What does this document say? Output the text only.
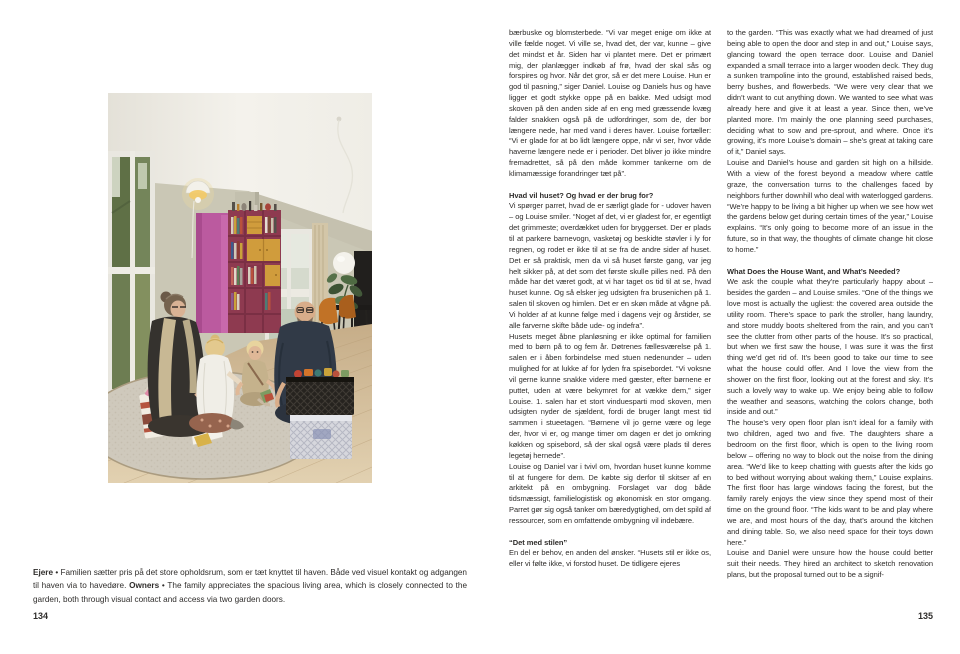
Ejere • Familien sætter pris på det store opholdsrum, som er tæt knyttet til haven. Både ved visuel kontakt og adgangen til haven via to havedøre. Owners • The family appreciates the spacious living area, which is closely connected to the garden, both through visual contact and access via two garden doors.

134

bærbuske og blomsterbede. “Vi var meget enige om ikke at ville fælde noget. Vi ville se, hvad det, der var, kunne – give det mindst et år. Siden har vi plantet mere. Det er primært mig, der planlægger indkøb af frø, hvad der skal sås og forspires og hvor. Når det gror, så er det mere Louise. Hun er god til pasning,” siger Daniel. Louise og Daniels hus og have ligger et godt stykke oppe på en bakke. Med udsigt mod skoven på den anden side af en eng med græssende kvæg falder snakken også på de udfordringer, som de, der bor længere nede, har med vand i deres haver. Louise fortæller: “Vi er glade for at bo lidt længere oppe, når vi ser, hvor våde haverne længere nede er i perioder. Det bliver jo ikke mindre fremadrettet, så på den måde kommer tankerne om de klimamæssige forandringer tæt på”.

Hvad vil huset? Og hvad er der brug for?

Vi spørger parret, hvad de er særligt glade for - udover haven – og Louise smiler. “Noget af det, vi er gladest for, er egentligt det grimmeste; overdækket uden for bryggerset. Der er plads til at parkere barnevogn, vasketøj og beskidte støvler i ly for regnen, og rodet er ikke til at se fra de andre sider af huset. Det er så praktisk, men da vi så huset første gang, var jeg helt sikker på, at det som det første skulle pilles ned. På den måde har det været godt, at vi har taget os tid til at se, hvad huset kunne. Og så elsker jeg udsigten fra brusenichen på 1. salen til skoven og himlen. Det er en skøn måde at vågne på. Vi holder af at kunne følge med i dagens vejr og årstider, se alle farverne skifte både ude- og indefra”.

Husets meget åbne planløsning er ikke optimal for familien med to børn på to og fem år. Døtrenes fællesværelse på 1. salen er i åben forbindelse med stuen nedenunder – uden mulighed for at lukke af for lyden fra spisebordet. “Vi voksne vil gerne kunne snakke videre med gæster, efter børnene er puttet, uden at være bekymret for at vække dem,” siger Louise. 1. salen har et stort vinduesparti mod skoven, men udsigten nyder de sjældent, fordi de bruger langt mest tid sammen i stueetagen. “Børnene vil jo gerne være og lege der, hvor vi er, og mange timer om dagen er det jo omkring køkken og spisebord, så der skal også være plads til deres legetøj hernede”.

Louise og Daniel var i tvivl om, hvordan huset kunne komme til at fungere for dem. De købte sig derfor til skitser af en arkitekt på en ombygning. Forslaget var dog både tidsmæssigt, familielogistisk og økonomisk en stor omgang. Parret gør sig også tanker om bæredygtighed, om det spild af ressourcer, som en omfattende ombygning vil indebære.

“Det med stilen”

En del er behov, en anden del ønsker. “Husets stil er ikke os, eller vi følte ikke, vi forstod huset. De tidligere ejeres

to the garden. “This was exactly what we had dreamed of just being able to open the door and step in and out,” Louise says, glancing toward the open terrace door. Louise and Daniel expanded a small terrace into a larger wooden deck. They dug a sunken trampoline into the ground, established raised beds, berry bushes, and flowerbeds. “We were very clear that we didn’t want to cut anything down. We wanted to see what was already here and give it at least a year. Since then, we’ve planted more. I’m mainly the one planning seed purchases, deciding what to sow and pre-sprout, and where. Once it’s growing, it’s more Louise’s domain – she’s great at taking care of it,” Daniel says.

Louise and Daniel’s house and garden sit high on a hillside. With a view of the forest beyond a meadow where cattle graze, the conversation turns to the challenges faced by neighbors further downhill who deal with waterlogged gardens. “We’re happy to be living a bit higher up when we see how wet the gardens below get during certain times of the year,” Louise explains. “It’s only going to become more of an issue in the future, so in that way, the thoughts of climate change hit close to home.”

What Does the House Want, and What’s Needed?

We ask the couple what they’re particularly happy about – besides the garden – and Louise smiles. “One of the things we love most is actually the ugliest: the covered area outside the utility room. There’s space to park the stroller, hang laundry, and store muddy boots sheltered from the rain, and you can’t see the clutter from other parts of the house. It’s so practical, but when we first saw the house, I was sure it was the first thing we’d get rid of. It’s been good to take our time to see what the house could offer. And I love the view from the shower on the first floor, looking out at the forest and sky. It’s such a lovely way to wake up. We enjoy being able to follow the weather and seasons, watching the colors change, both inside and out.”

The house’s very open floor plan isn’t ideal for a family with two children, aged two and five. The daughters share a bedroom on the first floor, which is open to the living room below – offering no way to block out the noise from the dining area. “We’d like to keep chatting with guests after the kids go to bed without worrying about waking them,” Louise explains. The first floor has large windows facing the forest, but the family rarely enjoys the view since they spend most of their time on the ground floor. “The kids want to be and play where we are, and most hours of the day, that’s around the kitchen and dining table. So, we also need space for their toys down here.”

Louise and Daniel were unsure how the house could better suit their needs. They hired an architect to sketch renovation plans, but the proposal turned out to be a signif-

135
